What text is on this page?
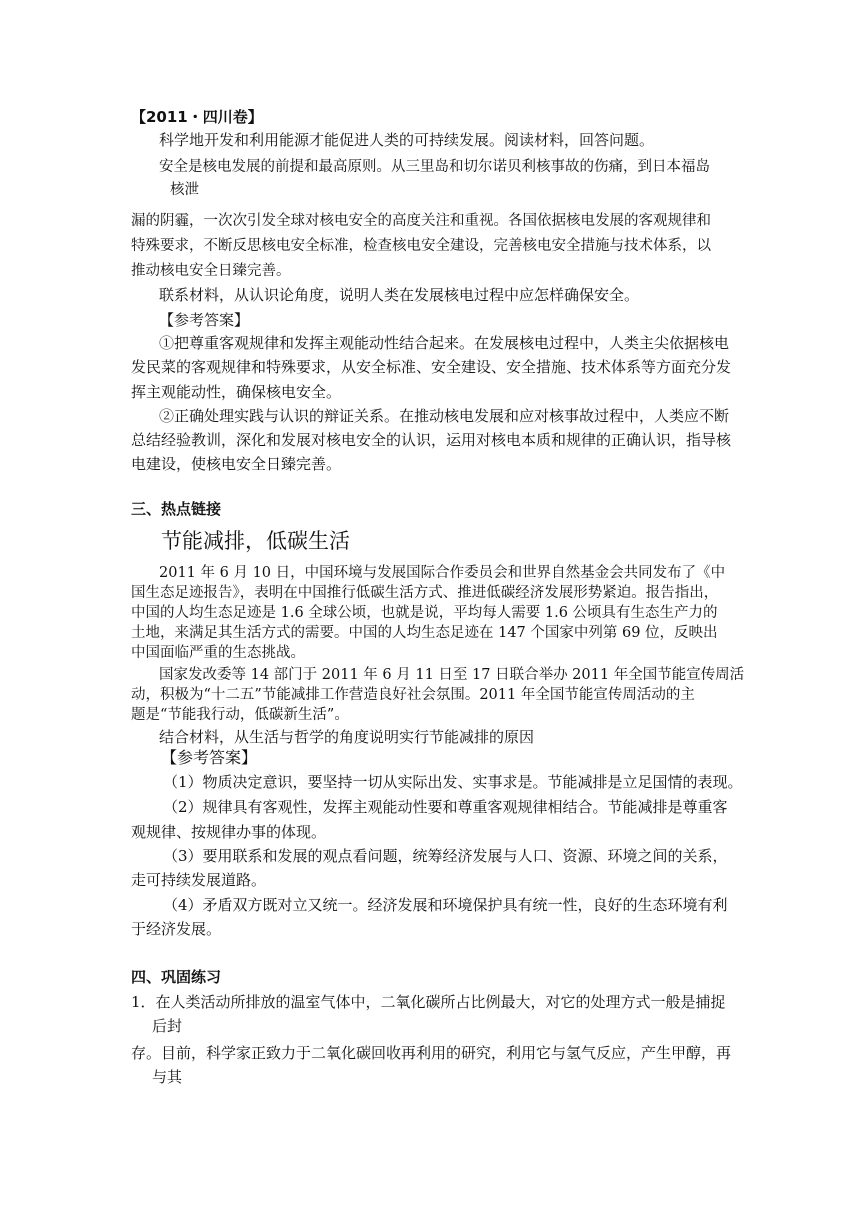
【2011・四川卷】
科学地开发和利用能源才能促进人类的可持续发展。阅读材料，回答问题。
安全是核电发展的前提和最高原则。从三里岛和切尔诺贝利核事故的伤痛，到日本福岛
核泄
漏的阴霾，一次次引发全球对核电安全的高度关注和重视。各国依据核电发展的客观规律和
特殊要求，不断反思核电安全标准，检查核电安全建设，完善核电安全措施与技术体系，以
推动核电安全日臻完善。
联系材料，从认识论角度，说明人类在发展核电过程中应怎样确保安全。
【参考答案】
①把尊重客观规律和发挥主观能动性结合起来。在发展核电过程中，人类主尖依据核电
发民菜的客观规律和特殊要求，从安全标准、安全建设、安全措施、技术体系等方面充分发
挥主观能动性，确保核电安全。
②正确处理实践与认识的辩证关系。在推动核电发展和应对核事故过程中，人类应不断
总结经验教训，深化和发展对核电安全的认识，运用对核电本质和规律的正确认识，指导核
电建设，使核电安全日臻完善。
三、热点链接
节能减排，低碳生活
2011 年 6 月 10 日，中国环境与发展国际合作委员会和世界自然基金会共同发布了《中
国生态足迹报告》，表明在中国推行低碳生活方式、推进低碳经济发展形势紧迫。报告指出，
中国的人均生态足迹是 1.6 全球公顷，也就是说，平均每人需要 1.6 公顷具有生态生产力的
土地，来满足其生活方式的需要。中国的人均生态足迹在 147 个国家中列第 69 位，反映出
中国面临严重的生态挑战。
国家发改委等 14 部门于 2011 年 6 月 11 日至 17 日联合举办 2011 年全国节能宣传周活
动，积极为“十二五”节能减排工作营造良好社会氛围。2011 年全国节能宣传周活动的主
题是“节能我行动，低碳新生活”。
结合材料，从生活与哲学的角度说明实行节能减排的原因
【参考答案】
（1）物质决定意识，要坚持一切从实际出发、实事求是。节能减排是立足国情的表现。
（2）规律具有客观性，发挥主观能动性要和尊重客观规律相结合。节能减排是尊重客
观规律、按规律办事的体现。
（3）要用联系和发展的观点看问题，统筹经济发展与人口、资源、环境之间的关系，
走可持续发展道路。
（4）矛盾双方既对立又统一。经济发展和环境保护具有统一性，良好的生态环境有利
于经济发展。
四、巩固练习
1．在人类活动所排放的温室气体中，二氧化碳所占比例最大，对它的处理方式一般是捕捉
后封
存。目前，科学家正致力于二氧化碳回收再利用的研究，利用它与氢气反应，产生甲醇，再
与其
